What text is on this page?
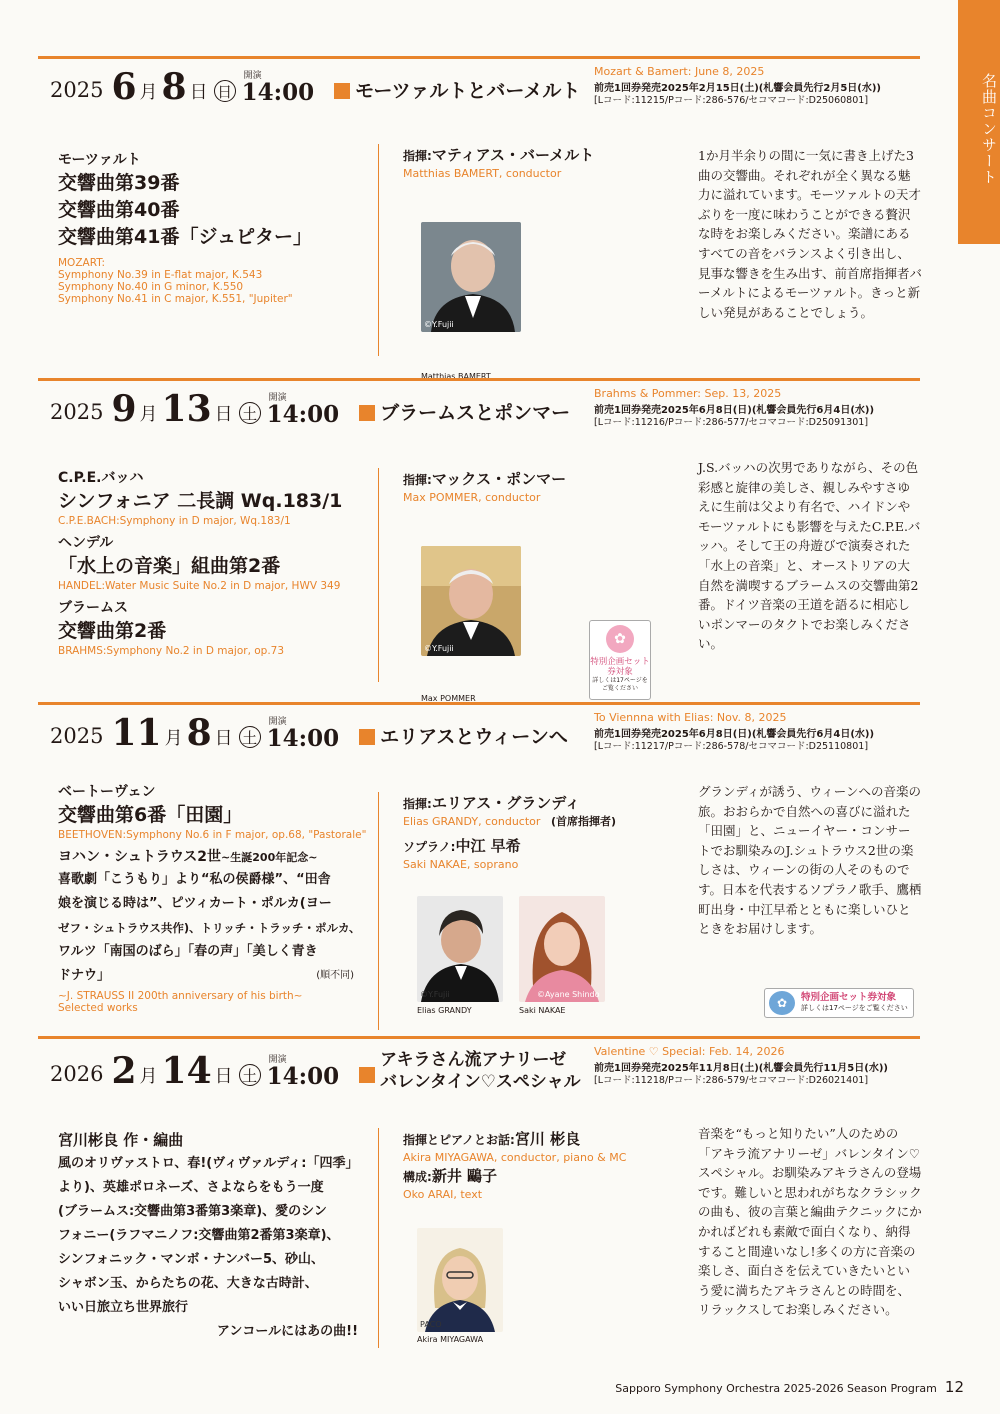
名曲コンサート
2025 6 月 8 日 日
開演
14:00 モーツァルトとバーメルト
Mozart & Bamert: June 8, 2025
前売1回券発売2025年2月15日(土)(札響会員先行2月5日(水))
[Lコード:11215/Pコード:286-576/セコマコード:D25060801]
モーツァルト
交響曲第39番
交響曲第40番
交響曲第41番「ジュピター」
MOZART:
Symphony No.39 in E-flat major, K.543
Symphony No.40 in G minor, K.550
Symphony No.41 in C major, K.551, "Jupiter"
指揮:マティアス・バーメルト
Matthias BAMERT, conductor
©Y.Fujii
Matthias BAMERT
1か月半余りの間に一気に書き上げた3曲の交響曲。それぞれが全く異なる魅力に溢れています。モーツァルトの天才ぶりを一度に味わうことができる贅沢な時をお楽しみください。楽譜にあるすべての音をバランスよく引き出し、見事な響きを生み出す、前首席指揮者バーメルトによるモーツァルト。きっと新しい発見があることでしょう。
2025 9 月 13 日 土
開演
14:00 ブラームスとポンマー
Brahms & Pommer: Sep. 13, 2025
前売1回券発売2025年6月8日(日)(札響会員先行6月4日(水))
[Lコード:11216/Pコード:286-577/セコマコード:D25091301]
C.P.E.バッハ
シンフォニア 二長調 Wq.183/1
C.P.E.BACH:Symphony in D major, Wq.183/1
ヘンデル
「水上の音楽」組曲第2番
HANDEL:Water Music Suite No.2 in D major, HWV 349
ブラームス
交響曲第2番
BRAHMS:Symphony No.2 in D major, op.73
指揮:マックス・ポンマー
Max POMMER, conductor
©Y.Fujii
Max POMMER
✿
特別企画セット券対象
詳しくは17ページをご覧ください
J.S.バッハの次男でありながら、その色彩感と旋律の美しさ、親しみやすさゆえに生前は父より有名で、ハイドンやモーツァルトにも影響を与えたC.P.E.バッハ。そして王の舟遊びで演奏された「水上の音楽」と、オーストリアの大自然を満喫するブラームスの交響曲第2番。ドイツ音楽の王道を語るに相応しいポンマーのタクトでお楽しみください。
2025 11 月 8 日 土
開演
14:00 エリアスとウィーンへ
To Viennna with Elias: Nov. 8, 2025
前売1回券発売2025年6月8日(日)(札響会員先行6月4日(水))
[Lコード:11217/Pコード:286-578/セコマコード:D25110801]
ベートーヴェン
交響曲第6番「田園」
BEETHOVEN:Symphony No.6 in F major, op.68, "Pastorale"
ヨハン・シュトラウス2世~生誕200年記念~
喜歌劇「こうもり」より“私の侯爵様”、“田舎
娘を演じる時は”、ピツィカート・ポルカ(ヨー
ゼフ・シュトラウス共作)、トリッチ・トラッチ・ポルカ、
ワルツ「南国のばら」「春の声」「美しく青き
ドナウ」	(順不同)
~J. STRAUSS II 200th anniversary of his birth~
Selected works
指揮:エリアス・グランディ
Elias GRANDY, conductor (首席指揮者)
ソプラノ:中江 早希
Saki NAKAE, soprano
©Y.Fujii
Elias GRANDY
©Ayane Shindo
Saki NAKAE
グランディが誘う、ウィーンへの音楽の旅。おおらかで自然への喜びに溢れた「田園」と、ニューイヤー・コンサートでお馴染みのJ.シュトラウス2世の楽しさは、ウィーンの街の人そのものです。日本を代表するソプラノ歌手、鷹栖町出身・中江早希とともに楽しいひとときをお届けします。
✿	特別企画セット券対象
詳しくは17ページをご覧ください
2026 2 月 14 日 土
開演
14:00
アキラさん流アナリーゼ
バレンタイン♡スペシャル
Valentine ♡ Special: Feb. 14, 2026
前売1回券発売2025年11月8日(土)(札響会員先行11月5日(水))
[Lコード:11218/Pコード:286-579/セコマコード:D26021401]
宮川彬良 作・編曲
風のオリヴァストロ、春!(ヴィヴァルディ:「四季」
より)、英雄ポロネーズ、さよならをもう一度
(ブラームス:交響曲第3番第3楽章)、愛のシン
フォニー(ラフマニノフ:交響曲第2番第3楽章)、
シンフォニック・マンボ・ナンバー5、砂山、
シャボン玉、からたちの花、大きな古時計、
いい日旅立ち世界旅行
アンコールにはあの曲!!
指揮とピアノとお話:宮川 彬良
Akira MIYAGAWA, conductor, piano & MC
構成:新井 鷗子
Oko ARAI, text
PACO
Akira MIYAGAWA
音楽を“もっと知りたい”人のための「アキラ流アナリーゼ」バレンタイン♡スペシャル。お馴染みアキラさんの登場です。難しいと思われがちなクラシックの曲も、彼の言葉と編曲テクニックにかかればどれも素敵で面白くなり、納得すること間違いなし!多くの方に音楽の楽しさ、面白さを伝えていきたいという愛に満ちたアキラさんとの時間を、リラックスしてお楽しみください。
Sapporo Symphony Orchestra 2025-2026 Season Program 12
